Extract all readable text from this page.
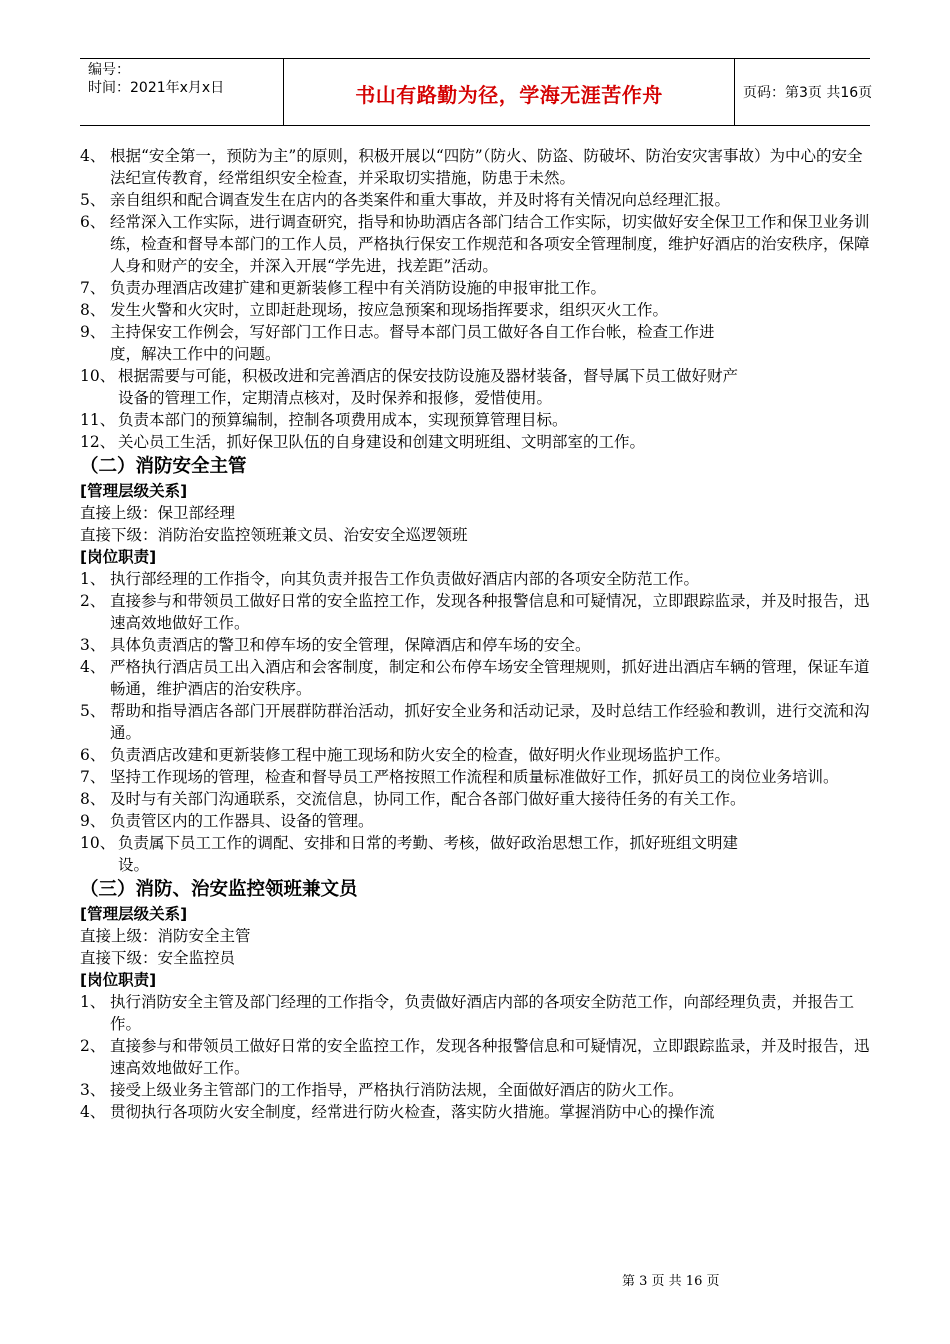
编号：
时间：2021年x月x日	书山有路勤为径，学海无涯苦作舟	页码：第3页 共16页
4、 根据“安全第一，预防为主”的原则，积极开展以“四防”（防火、防盗、防破坏、防治安灾害事故）为中心的安全法纪宣传教育，经常组织安全检查，并采取切实措施，防患于未然。
5、 亲自组织和配合调查发生在店内的各类案件和重大事故，并及时将有关情况向总经理汇报。
6、 经常深入工作实际，进行调查研究，指导和协助酒店各部门结合工作实际，切实做好安全保卫工作和保卫业务训练，检查和督导本部门的工作人员，严格执行保安工作规范和各项安全管理制度，维护好酒店的治安秩序，保障人身和财产的安全，并深入开展“学先进，找差距”活动。
7、 负责办理酒店改建扩建和更新装修工程中有关消防设施的申报审批工作。
8、 发生火警和火灾时，立即赶赴现场，按应急预案和现场指挥要求，组织灭火工作。
9、 主持保安工作例会，写好部门工作日志。督导本部门员工做好各自工作台帐，检查工作进度，解决工作中的问题。
10、 根据需要与可能，积极改进和完善酒店的保安技防设施及器材装备，督导属下员工做好财产设备的管理工作，定期清点核对，及时保养和报修，爱惜使用。
11、 负责本部门的预算编制，控制各项费用成本，实现预算管理目标。
12、 关心员工生活，抓好保卫队伍的自身建设和创建文明班组、文明部室的工作。
（二）消防安全主管
[管理层级关系]
直接上级：保卫部经理
直接下级：消防治安监控领班兼文员、治安安全巡逻领班
[岗位职责]
1、 执行部经理的工作指令，向其负责并报告工作负责做好酒店内部的各项安全防范工作。
2、 直接参与和带领员工做好日常的安全监控工作，发现各种报警信息和可疑情况，立即跟踪监录，并及时报告，迅速高效地做好工作。
3、 具体负责酒店的警卫和停车场的安全管理，保障酒店和停车场的安全。
4、 严格执行酒店员工出入酒店和会客制度，制定和公布停车场安全管理规则，抓好进出酒店车辆的管理，保证车道畅通，维护酒店的治安秩序。
5、 帮助和指导酒店各部门开展群防群治活动，抓好安全业务和活动记录，及时总结工作经验和教训，进行交流和沟通。
6、 负责酒店改建和更新装修工程中施工现场和防火安全的检查，做好明火作业现场监护工作。
7、 坚持工作现场的管理，检查和督导员工严格按照工作流程和质量标准做好工作，抓好员工的岗位业务培训。
8、 及时与有关部门沟通联系，交流信息，协同工作，配合各部门做好重大接待任务的有关工作。
9、 负责管区内的工作器具、设备的管理。
10、 负责属下员工工作的调配、安排和日常的考勤、考核，做好政治思想工作，抓好班组文明建设。
（三）消防、治安监控领班兼文员
[管理层级关系]
直接上级：消防安全主管
直接下级：安全监控员
[岗位职责]
1、 执行消防安全主管及部门经理的工作指令，负责做好酒店内部的各项安全防范工作，向部经理负责，并报告工作。
2、 直接参与和带领员工做好日常的安全监控工作，发现各种报警信息和可疑情况，立即跟踪监录，并及时报告，迅速高效地做好工作。
3、 接受上级业务主管部门的工作指导，严格执行消防法规，全面做好酒店的防火工作。
4、 贯彻执行各项防火安全制度，经常进行防火检查，落实防火措施。掌握消防中心的操作流
第 3 页 共 16 页
